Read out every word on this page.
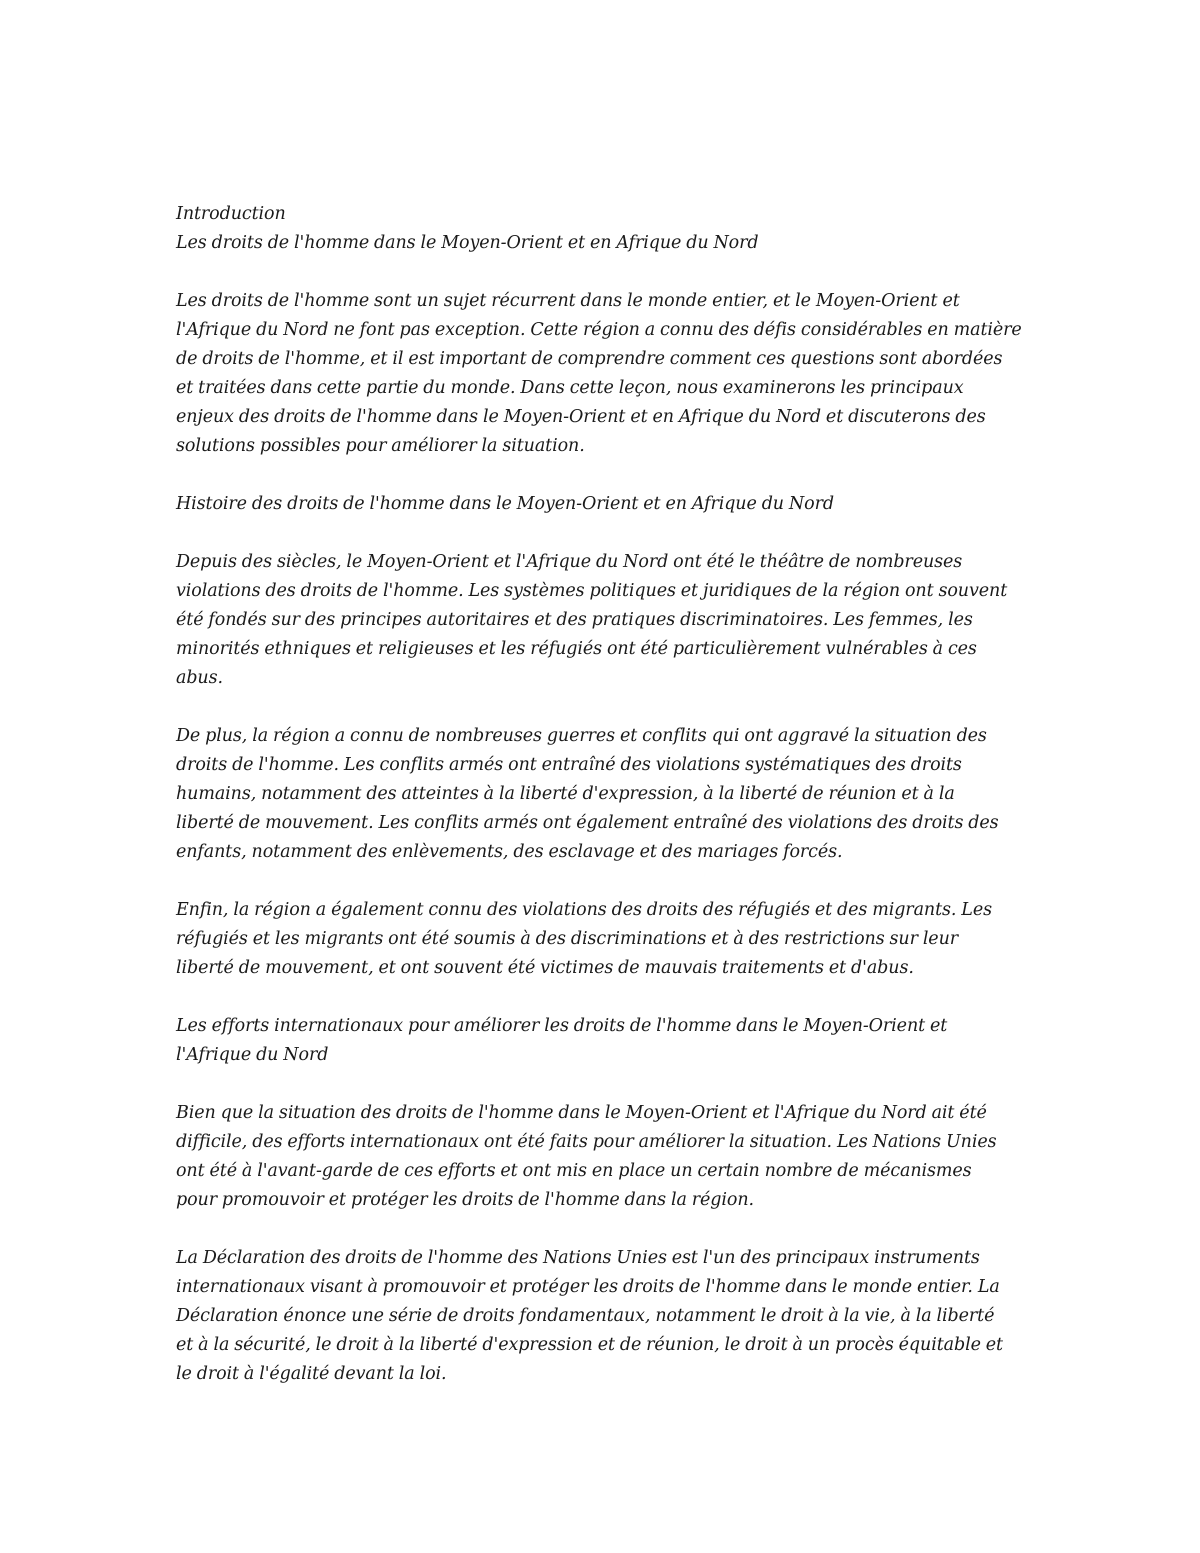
Introduction
Les droits de l'homme dans le Moyen-Orient et en Afrique du Nord
Les droits de l'homme sont un sujet récurrent dans le monde entier, et le Moyen-Orient et
l'Afrique du Nord ne font pas exception. Cette région a connu des défis considérables en matière
de droits de l'homme, et il est important de comprendre comment ces questions sont abordées
et traitées dans cette partie du monde. Dans cette leçon, nous examinerons les principaux
enjeux des droits de l'homme dans le Moyen-Orient et en Afrique du Nord et discuterons des
solutions possibles pour améliorer la situation.
Histoire des droits de l'homme dans le Moyen-Orient et en Afrique du Nord
Depuis des siècles, le Moyen-Orient et l'Afrique du Nord ont été le théâtre de nombreuses
violations des droits de l'homme. Les systèmes politiques et juridiques de la région ont souvent
été fondés sur des principes autoritaires et des pratiques discriminatoires. Les femmes, les
minorités ethniques et religieuses et les réfugiés ont été particulièrement vulnérables à ces
abus.
De plus, la région a connu de nombreuses guerres et conflits qui ont aggravé la situation des
droits de l'homme. Les conflits armés ont entraîné des violations systématiques des droits
humains, notamment des atteintes à la liberté d'expression, à la liberté de réunion et à la
liberté de mouvement. Les conflits armés ont également entraîné des violations des droits des
enfants, notamment des enlèvements, des esclavage et des mariages forcés.
Enfin, la région a également connu des violations des droits des réfugiés et des migrants. Les
réfugiés et les migrants ont été soumis à des discriminations et à des restrictions sur leur
liberté de mouvement, et ont souvent été victimes de mauvais traitements et d'abus.
Les efforts internationaux pour améliorer les droits de l'homme dans le Moyen-Orient et
l'Afrique du Nord
Bien que la situation des droits de l'homme dans le Moyen-Orient et l'Afrique du Nord ait été
difficile, des efforts internationaux ont été faits pour améliorer la situation. Les Nations Unies
ont été à l'avant-garde de ces efforts et ont mis en place un certain nombre de mécanismes
pour promouvoir et protéger les droits de l'homme dans la région.
La Déclaration des droits de l'homme des Nations Unies est l'un des principaux instruments
internationaux visant à promouvoir et protéger les droits de l'homme dans le monde entier. La
Déclaration énonce une série de droits fondamentaux, notamment le droit à la vie, à la liberté
et à la sécurité, le droit à la liberté d'expression et de réunion, le droit à un procès équitable et
le droit à l'égalité devant la loi.
